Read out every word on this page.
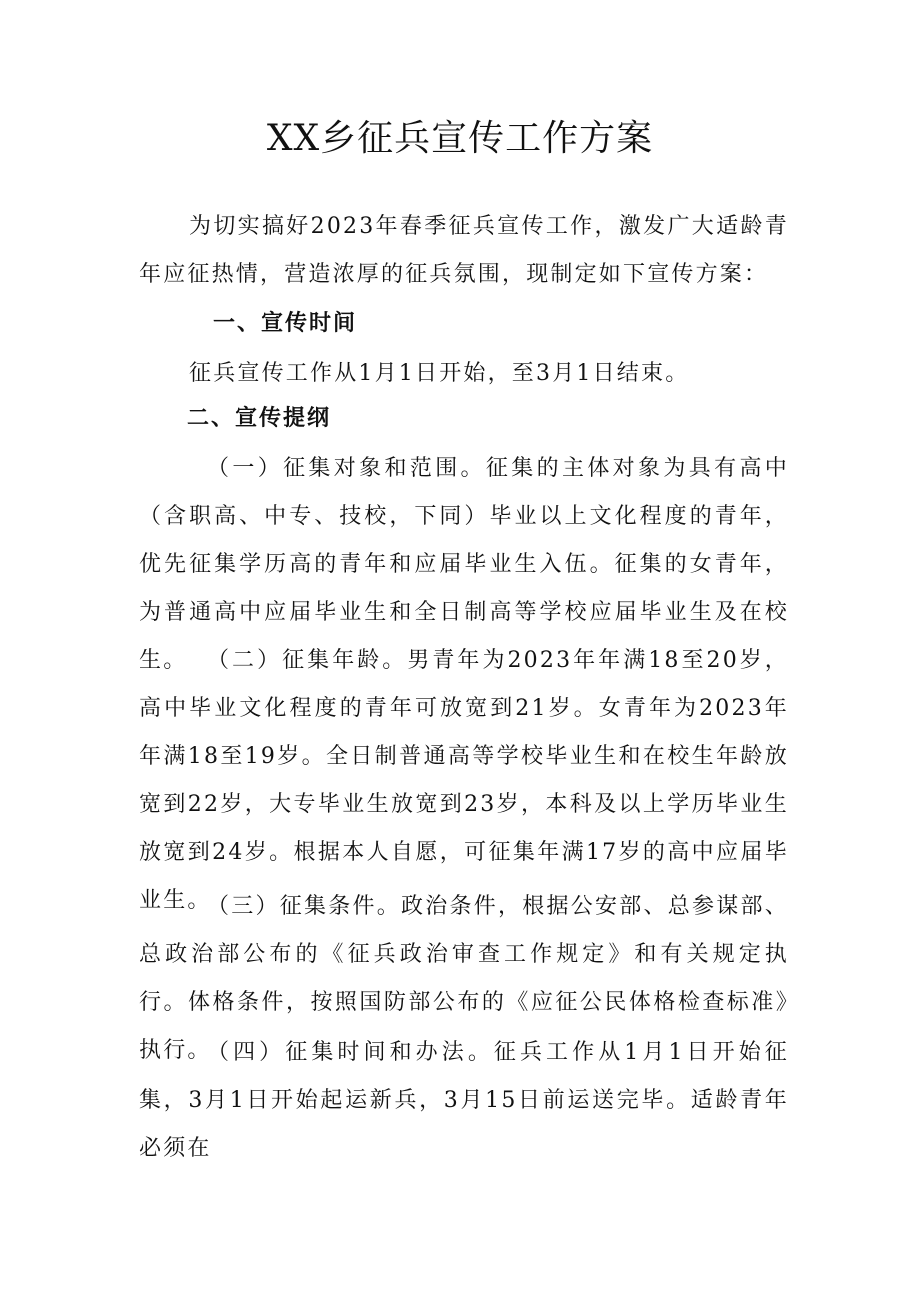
XX乡征兵宣传工作方案
为切实搞好2023年春季征兵宣传工作，激发广大适龄青年应征热情，营造浓厚的征兵氛围，现制定如下宣传方案：
一、宣传时间
征兵宣传工作从1月1日开始，至3月1日结束。
二、宣传提纲
（一）征集对象和范围。征集的主体对象为具有高中（含职高、中专、技校，下同）毕业以上文化程度的青年，优先征集学历高的青年和应届毕业生入伍。征集的女青年，为普通高中应届毕业生和全日制高等学校应届毕业生及在校生。 （二）征集年龄。男青年为2023年年满18至20岁，高中毕业文化程度的青年可放宽到21岁。女青年为2023年年满18至19岁。全日制普通高等学校毕业生和在校生年龄放宽到22岁，大专毕业生放宽到23岁，本科及以上学历毕业生放宽到24岁。根据本人自愿，可征集年满17岁的高中应届毕业生。
（三）征集条件。政治条件，根据公安部、总参谋部、总政治部公布的《征兵政治审查工作规定》和有关规定执行。体格条件，按照国防部公布的《应征公民体格检查标准》执行。
（四）征集时间和办法。征兵工作从1月1日开始征集，3月1日开始起运新兵，3月15日前运送完毕。适龄青年必须在
